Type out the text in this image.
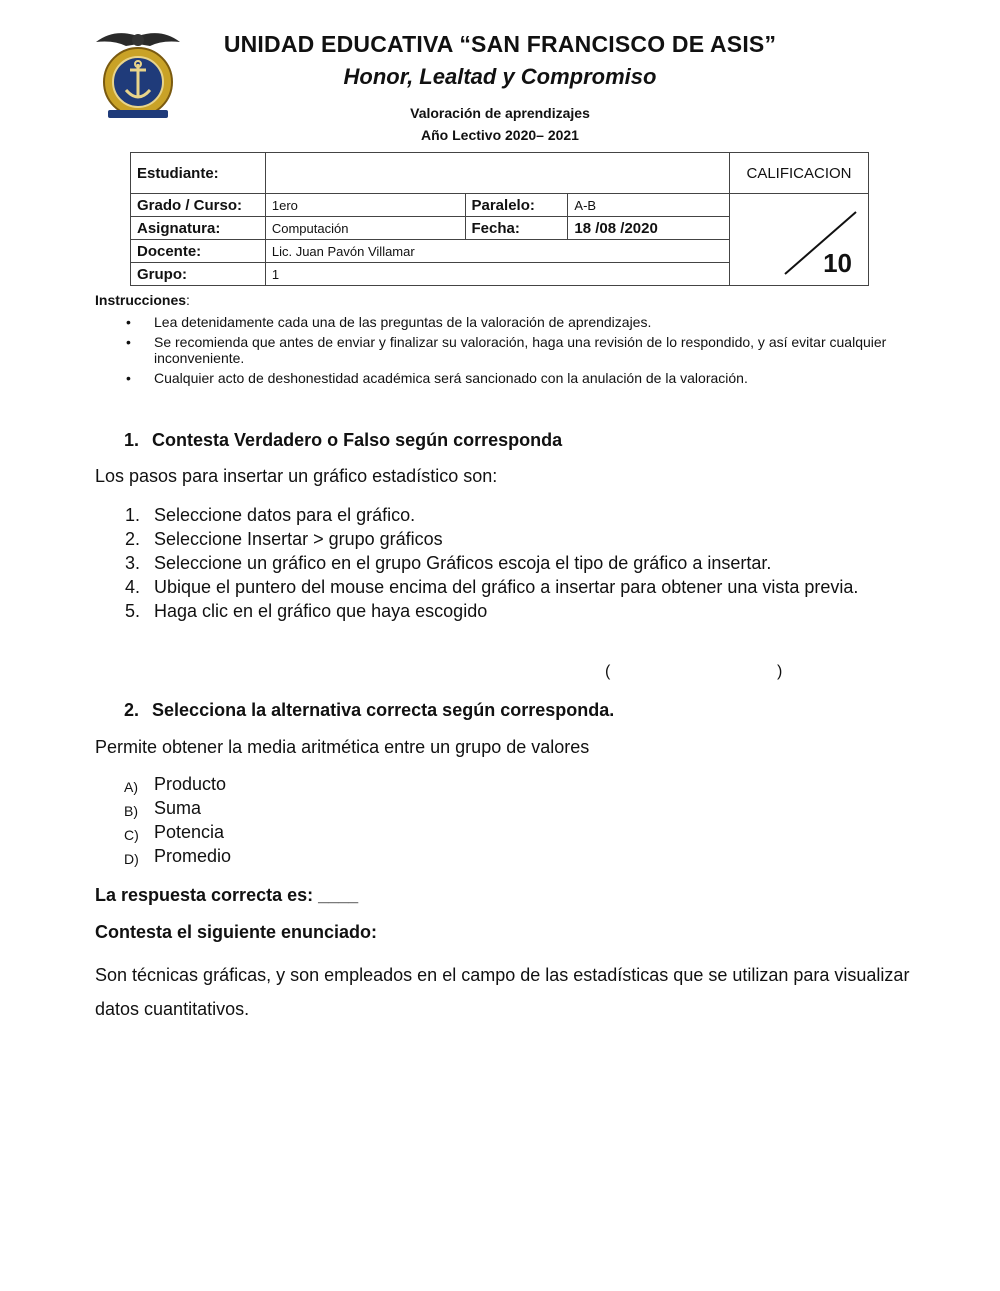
UNIDAD EDUCATIVA “SAN FRANCISCO DE ASIS”
Honor, Lealtad y Compromiso
Valoración de aprendizajes
Año Lectivo 2020– 2021
Estudiante:				CALIFICACION
Grado / Curso:	1ero	Paralelo:	A-B	10

Asignatura:	Computación	Fecha:	18 /08 /2020	
Docente:	Lic. Juan Pavón Villamar			
Grupo:	1			
Instrucciones:
• Lea detenidamente cada una de las preguntas de la valoración de aprendizajes.
• Se recomienda que antes de enviar y finalizar su valoración, haga una revisión de lo respondido, y así evitar cualquier inconveniente.
• Cualquier acto de deshonestidad académica será sancionado con la anulación de la valoración.
1. Contesta Verdadero o Falso según corresponda
Los pasos para insertar un gráfico estadístico son:
1. Seleccione datos para el gráfico.
2. Seleccione Insertar > grupo gráficos
3. Seleccione un gráfico en el grupo Gráficos escoja el tipo de gráfico a insertar.
4. Ubique el puntero del mouse encima del gráfico a insertar para obtener una vista previa.
5. Haga clic en el gráfico que haya escogido
(	)
2. Selecciona la alternativa correcta según corresponda.
Permite obtener la media aritmética entre un grupo de valores
A) Producto
B) Suma
C) Potencia
D) Promedio
La respuesta correcta es: ____
Contesta el siguiente enunciado:
Son técnicas gráficas, y son empleados en el campo de las estadísticas que se utilizan para visualizar datos cuantitativos.
